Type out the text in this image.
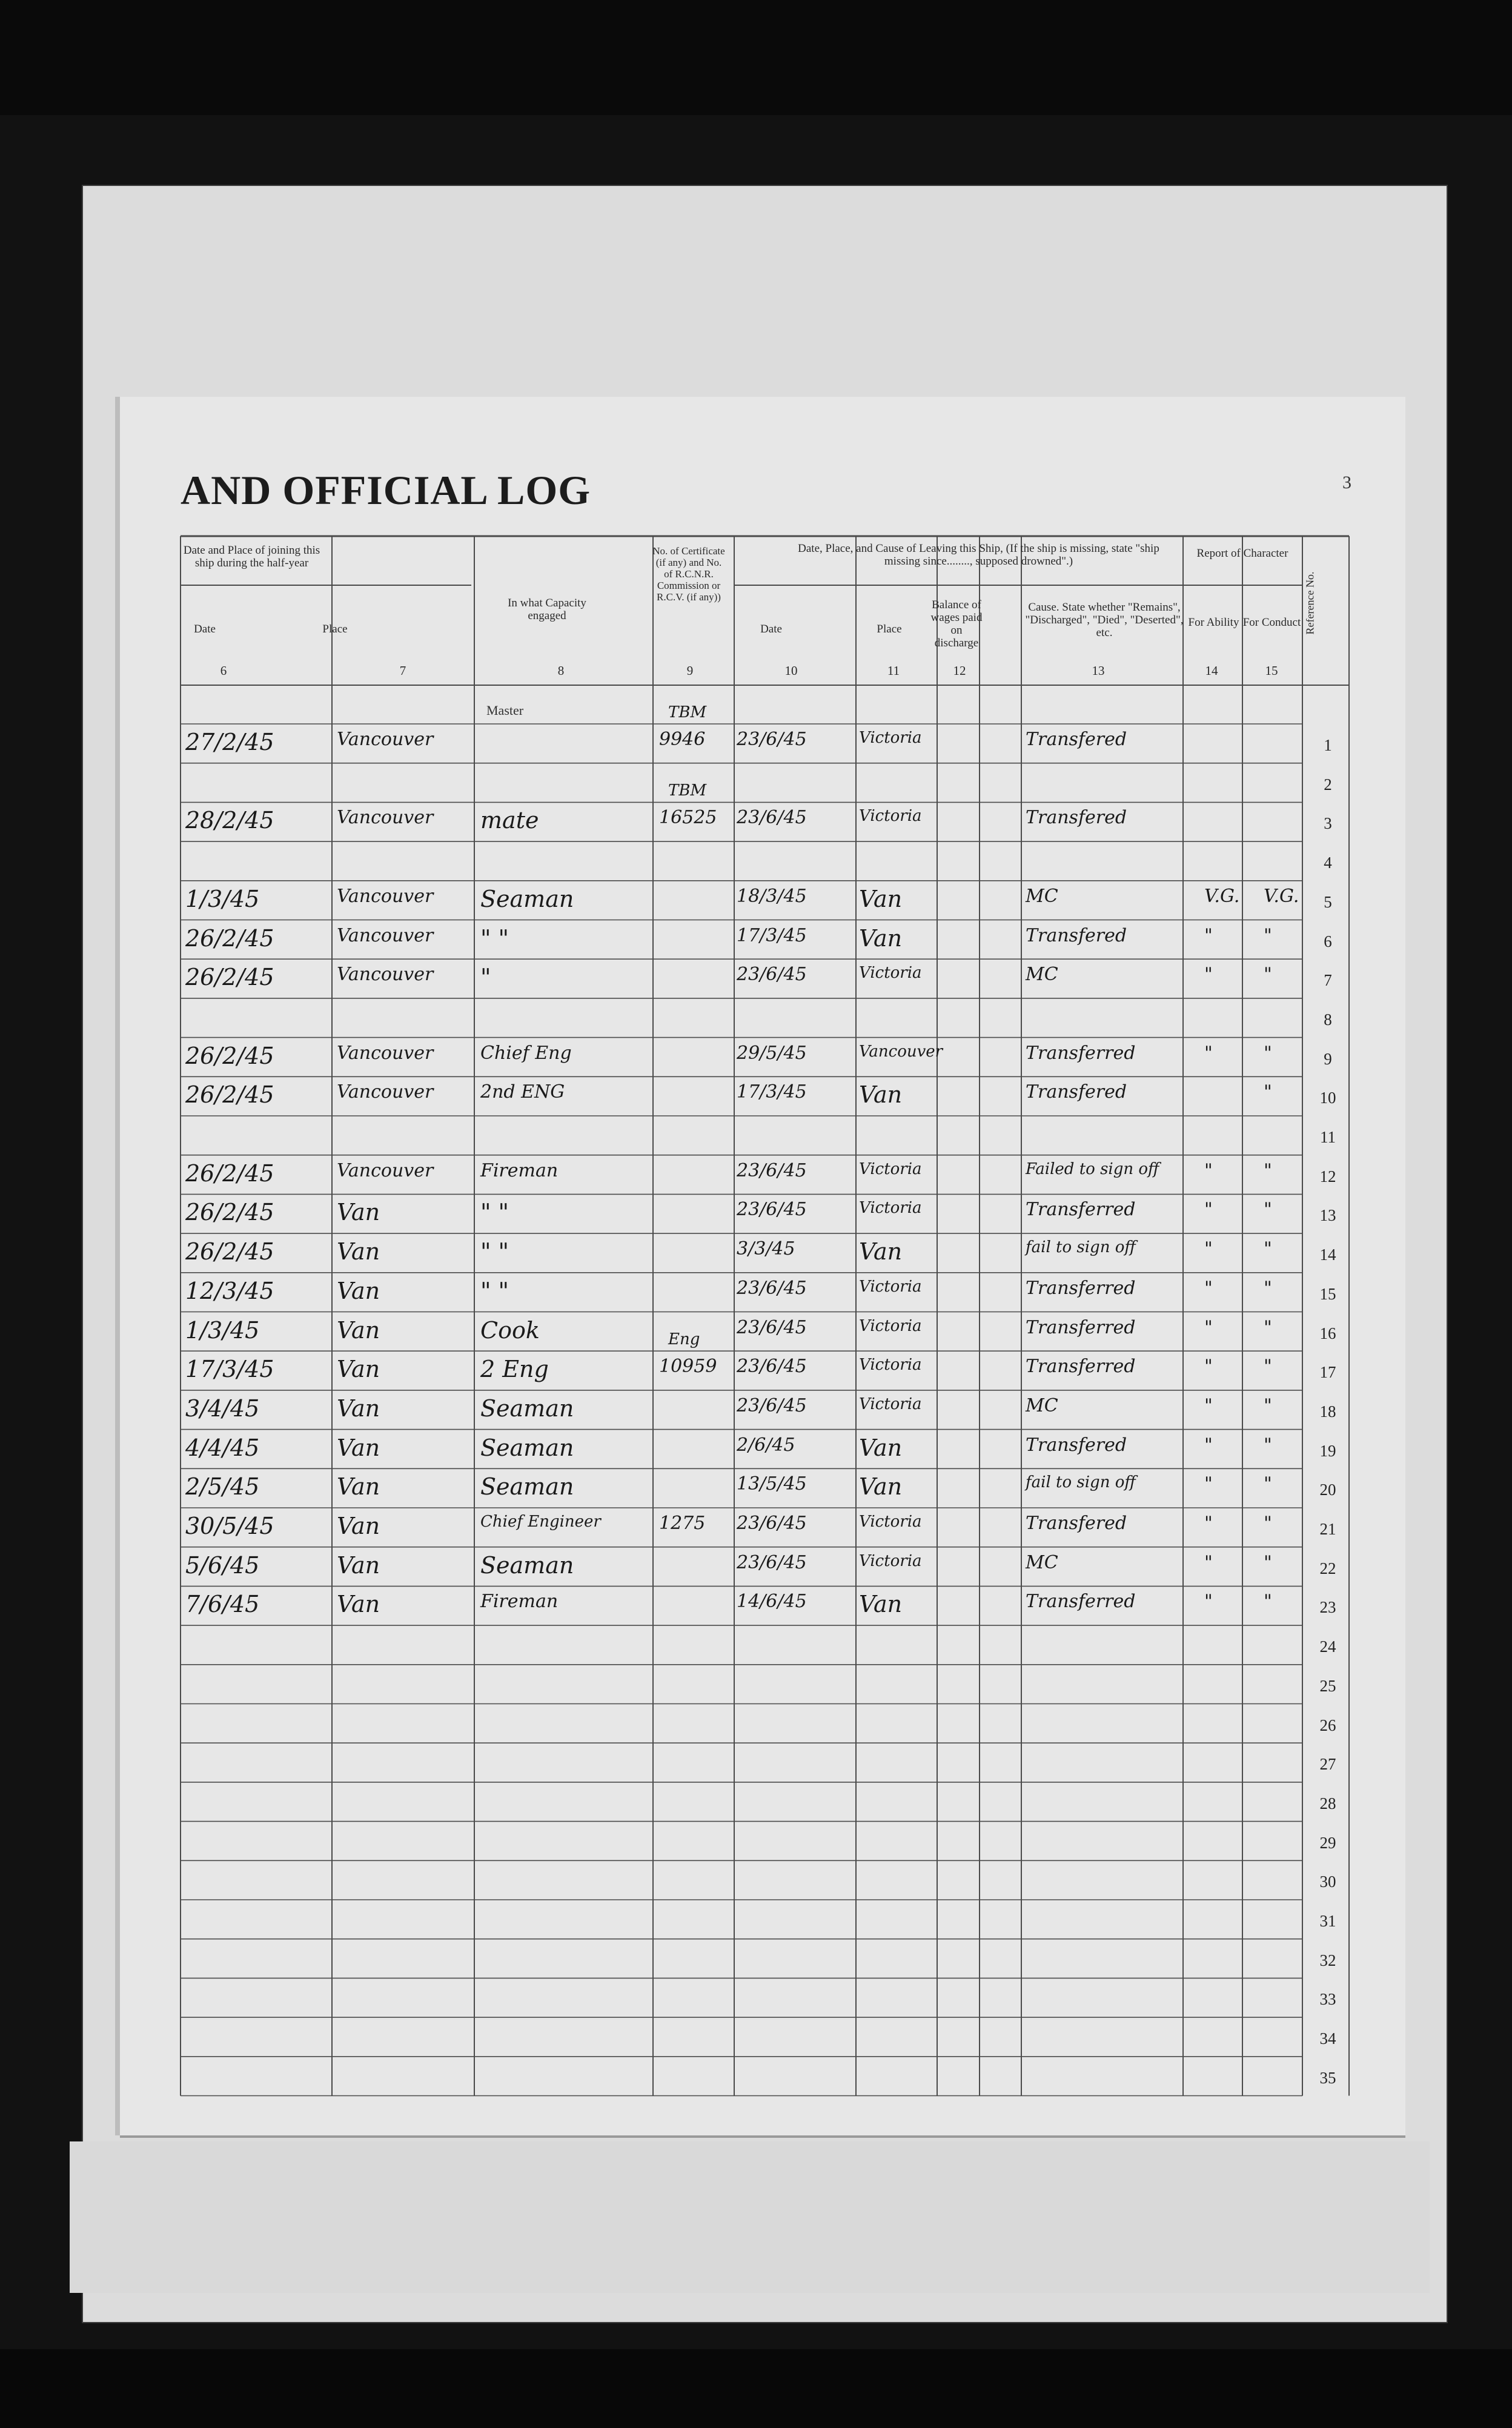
AND OFFICIAL LOG	3
Date and Place of joining this ship during the half-year
Date	Place
In what Capacity engaged
No. of Certificate (if any) and No. of R.C.N.R. Commission or R.C.V. (if any))
Date, Place, and Cause of Leaving this Ship, (If the ship is missing, state "ship missing since........, supposed drowned".)
Date	Place
Balance of wages paid on discharge
Cause. State whether "Remains", "Discharged", "Died", "Deserted", etc.
Report of Character
For Ability For Conduct Reference No.
6	7	8	9	10	11	12	13	14	15
Master
1
2
3
4
5
6
7
8
9
10
11
12
13
14
15
16
17
18
19
20
21
22
23
24
25
26
27
28
29
30
31
32
33
34
35
27/2/45	Vancouver
TBM
9946 23/6/45	Victoria	Transfered
28/2/45	Vancouver mate
TBM
16525 23/6/45	Victoria	Transfered
1/3/45	Vancouver Seaman	18/3/45 Van	MC	V.G. V.G.
26/2/45	Vancouver " "	17/3/45 Van	Transfered	"	"
26/2/45	Vancouver "	23/6/45	Victoria	MC	"	"
26/2/45	Vancouver	Chief Eng	29/5/45	Vancouver	Transferred	"	"
26/2/45	Vancouver	2nd ENG	17/3/45 Van	Transfered	"
26/2/45	Vancouver	Fireman	23/6/45	Victoria	Failed to sign off "	"
26/2/45	Van	" "	23/6/45	Victoria	Transferred	"	"
26/2/45	Van	" "	3/3/45	Van	fail to sign off	"	"
12/3/45	Van	" "	23/6/45	Victoria	Transferred	"	"
1/3/45	Van	Cook	23/6/45	Victoria	Transferred	"	"
17/3/45	Van	2 Eng
Eng
10959 23/6/45	Victoria	Transferred	"	"
3/4/45	Van	Seaman	23/6/45	Victoria	MC	"	"
4/4/45	Van	Seaman	2/6/45	Van	Transfered	"	"
2/5/45	Van	Seaman	13/5/45 Van	fail to sign off	"	"
30/5/45	Van	Chief Engineer	1275 23/6/45	Victoria	Transfered	"	"
5/6/45	Van	Seaman	23/6/45	Victoria	MC	"	"
7/6/45	Van	Fireman	14/6/45 Van	Transferred	"	"
